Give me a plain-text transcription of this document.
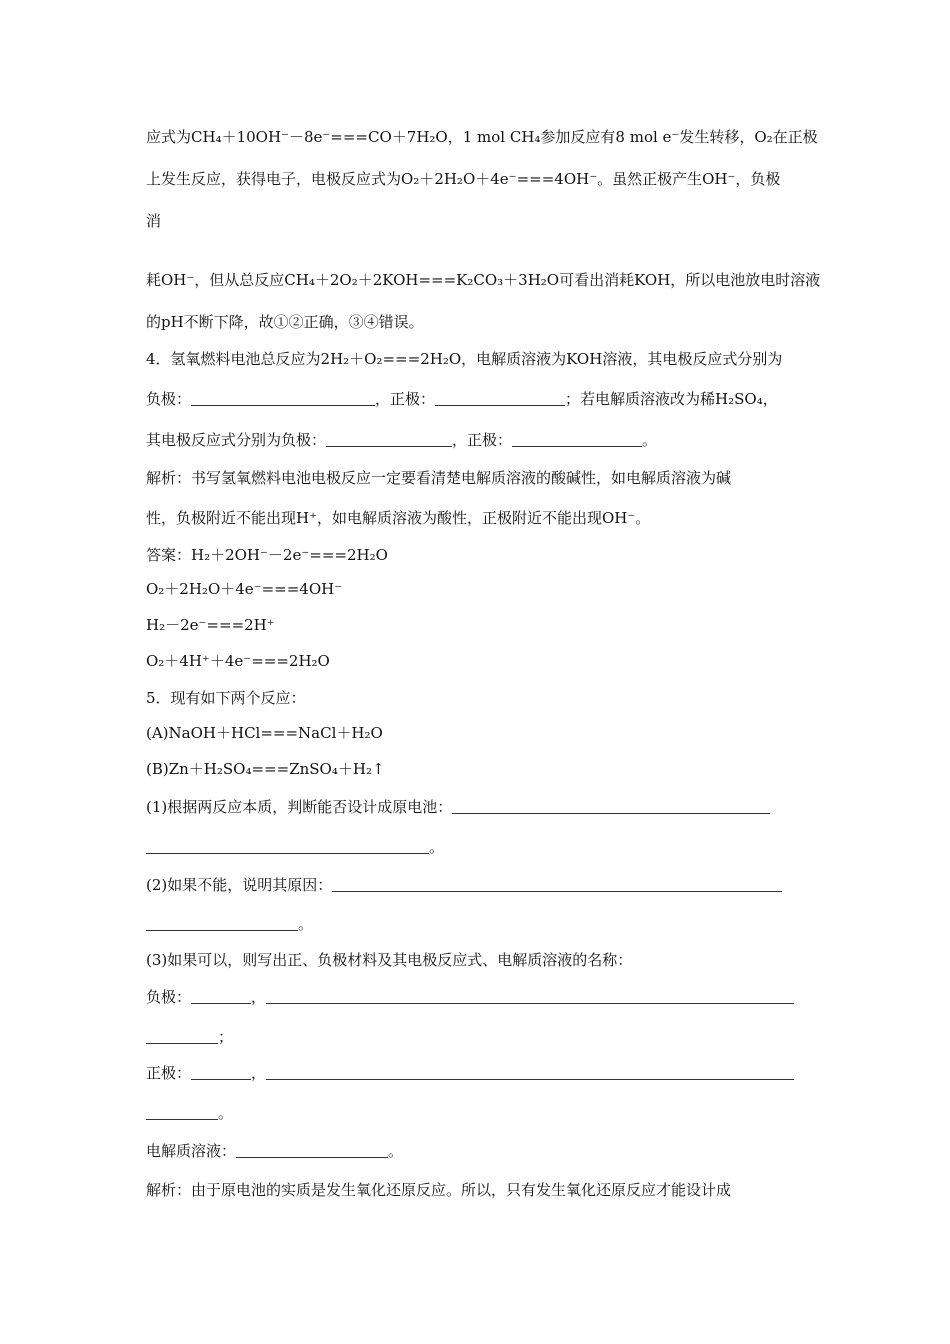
应式为CH₄＋10OH⁻－8e⁻===CO＋7H₂O，1 mol CH₄参加反应有8 mol e⁻发生转移，O₂在正极
上发生反应，获得电子，电极反应式为O₂＋2H₂O＋4e⁻===4OH⁻。虽然正极产生OH⁻，负极
消
耗OH⁻，但从总反应CH₄＋2O₂＋2KOH===K₂CO₃＋3H₂O可看出消耗KOH，所以电池放电时溶液
的pH不断下降，故①②正确，③④错误。
4．氢氧燃料电池总反应为2H₂＋O₂===2H₂O，电解质溶液为KOH溶液，其电极反应式分别为
负极：	，正极：	；若电解质溶液改为稀H₂SO₄，
其电极反应式分别为负极：	，正极：	。
解析：书写氢氧燃料电池电极反应一定要看清楚电解质溶液的酸碱性，如电解质溶液为碱
性，负极附近不能出现H⁺，如电解质溶液为酸性，正极附近不能出现OH⁻。
答案：H₂＋2OH⁻－2e⁻===2H₂O
O₂＋2H₂O＋4e⁻===4OH⁻
H₂－2e⁻===2H⁺
O₂＋4H⁺＋4e⁻===2H₂O
5．现有如下两个反应：
(A)NaOH＋HCl===NaCl＋H₂O
(B)Zn＋H₂SO₄===ZnSO₄＋H₂↑
(1)根据两反应本质，判断能否设计成原电池：
。
(2)如果不能，说明其原因：
。
(3)如果可以，则写出正、负极材料及其电极反应式、电解质溶液的名称：
负极：	，
；
正极：	，
。
电解质溶液：	。
解析：由于原电池的实质是发生氧化还原反应。所以，只有发生氧化还原反应才能设计成
